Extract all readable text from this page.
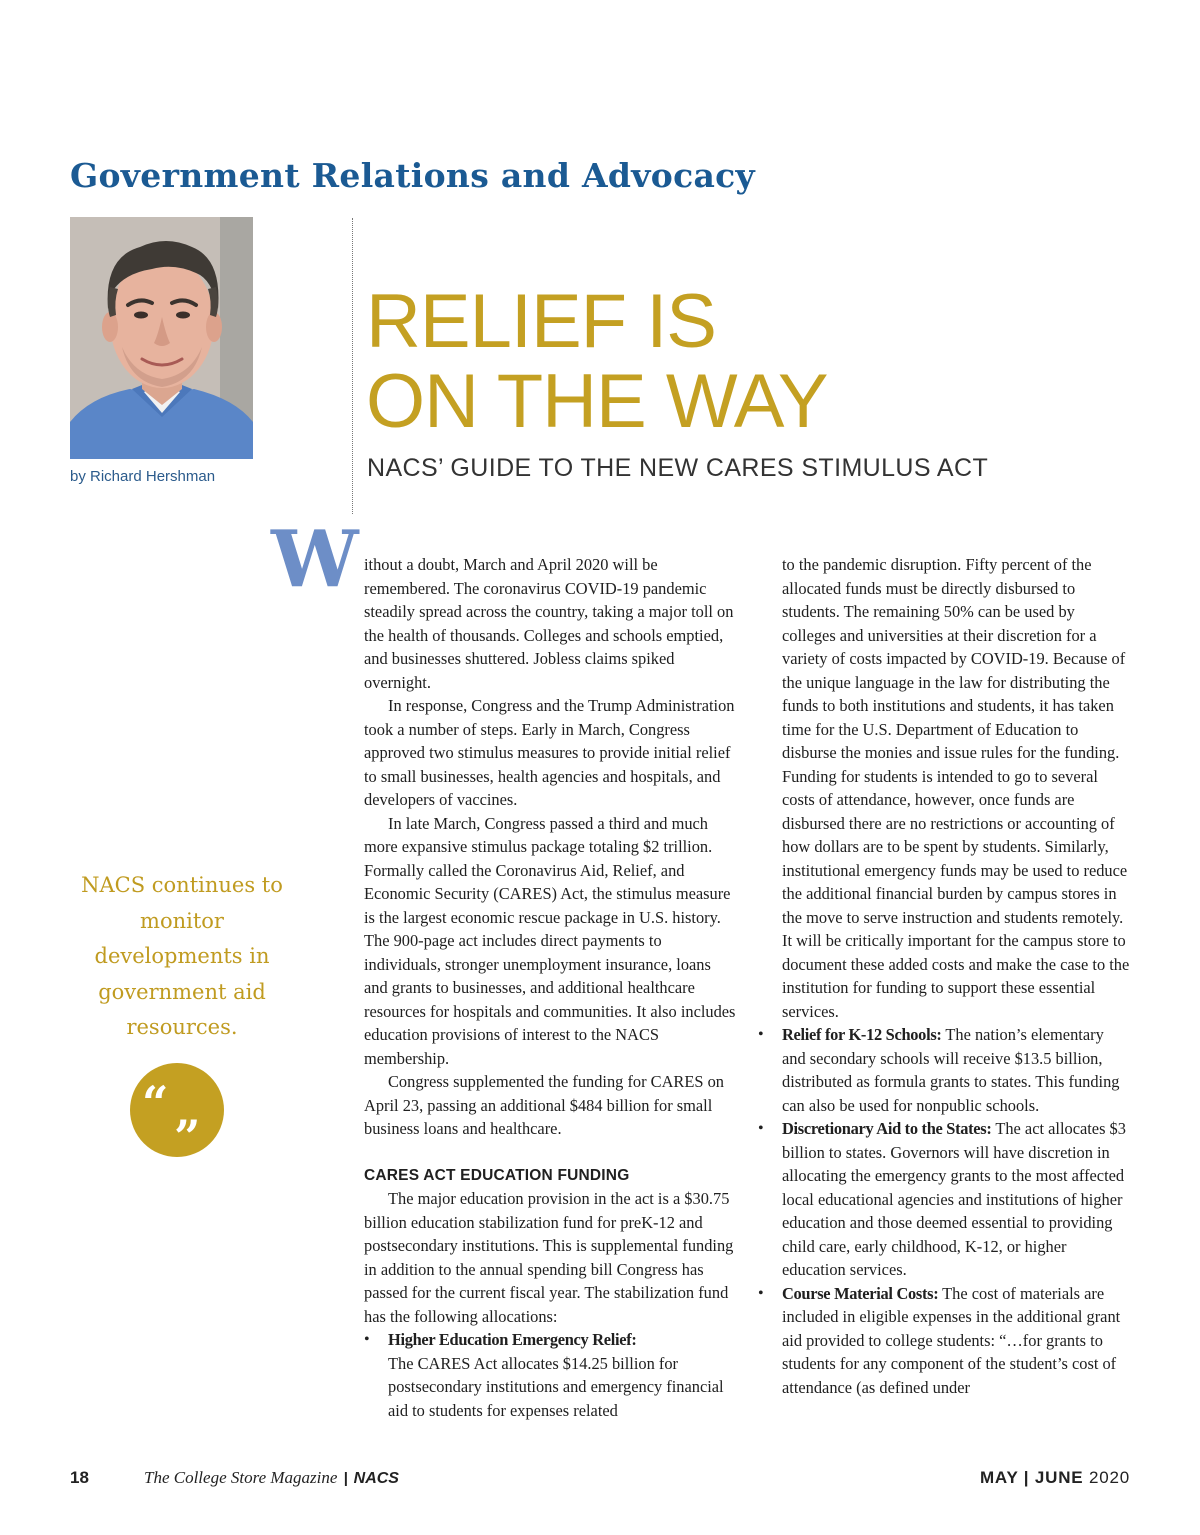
Government Relations and Advocacy
by Richard Hershman
RELIEF IS
ON THE WAY
NACS’ GUIDE TO THE NEW CARES STIMULUS ACT
NACS continues to monitor developments in government aid resources.
“
”
W ithout a doubt, March and April 2020 will be remembered. The coronavirus COVID-19 pandemic steadily spread across the country, taking a major toll on the health of thousands. Colleges and schools emptied, and businesses shuttered. Jobless claims spiked overnight.

In response, Congress and the Trump Administration took a number of steps. Early in March, Congress approved two stimulus measures to provide initial relief to small businesses, health agencies and hospitals, and developers of vaccines.

In late March, Congress passed a third and much more expansive stimulus package totaling $2 trillion. Formally called the Coronavirus Aid, Relief, and Economic Security (CARES) Act, the stimulus measure is the largest economic rescue package in U.S. history. The 900-page act includes direct payments to individuals, stronger unemployment insurance, loans and grants to businesses, and additional healthcare resources for hospitals and communities. It also includes education provisions of interest to the NACS membership.

Congress supplemented the funding for CARES on April 23, passing an additional $484 billion for small business loans and healthcare.

CARES ACT EDUCATION FUNDING

The major education provision in the act is a $30.75 billion education stabilization fund for preK-12 and postsecondary institutions. This is supplemental funding in addition to the annual spending bill Congress has passed for the current fiscal year. The stabilization fund has the following allocations:

• Higher Education Emergency Relief:
The CARES Act allocates $14.25 billion for postsecondary institutions and emergency financial aid to students for expenses related

to the pandemic disruption. Fifty percent of the allocated funds must be directly disbursed to students. The remaining 50% can be used by colleges and universities at their discretion for a variety of costs impacted by COVID-19. Because of the unique language in the law for distributing the funds to both institutions and students, it has taken time for the U.S. Department of Education to disburse the monies and issue rules for the funding. Funding for students is intended to go to several costs of attendance, however, once funds are disbursed there are no restrictions or accounting of how dollars are to be spent by students. Similarly, institutional emergency funds may be used to reduce the additional financial burden by campus stores in the move to serve instruction and students remotely. It will be critically important for the campus store to document these added costs and make the case to the institution for funding to support these essential services.

• Relief for K-12 Schools: The nation’s elementary and secondary schools will receive $13.5 billion, distributed as formula grants to states. This funding can also be used for nonpublic schools.
• Discretionary Aid to the States: The act allocates $3 billion to states. Governors will have discretion in allocating the emergency grants to the most affected local educational agencies and institutions of higher education and those deemed essential to providing child care, early childhood, K-12, or higher education services.
• Course Material Costs: The cost of materials are included in eligible expenses in the additional grant aid provided to college students: “…for grants to students for any component of the student’s cost of attendance (as defined under
18	The College Store Magazine | NACS	MAY | JUNE 2020
